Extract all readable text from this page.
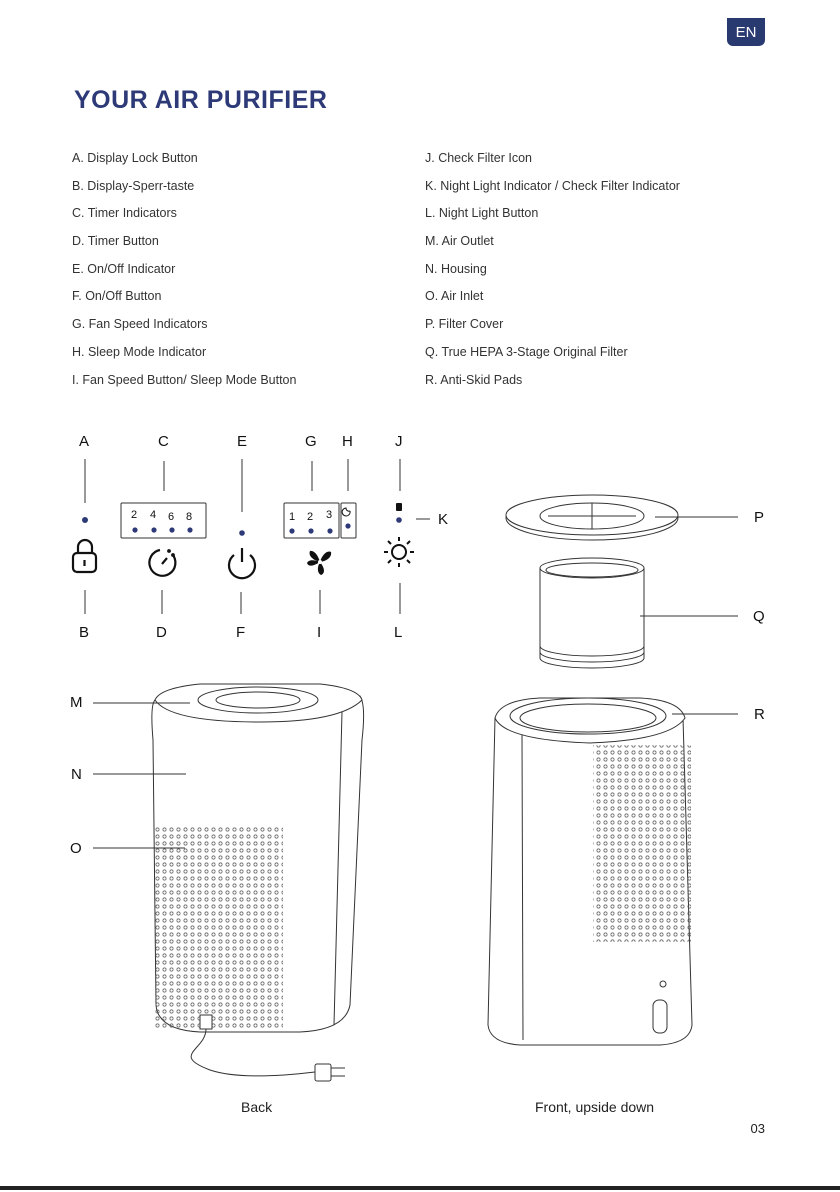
EN
YOUR AIR PURIFIER
A. Display Lock Button
B. Display-Sperr-taste
C. Timer Indicators
D. Timer Button
E. On/Off Indicator
F. On/Off Button
G. Fan Speed Indicators
H. Sleep Mode Indicator
I. Fan Speed Button/ Sleep Mode Button
J. Check Filter Icon
K. Night Light Indicator / Check Filter Indicator
L. Night Light Button
M. Air Outlet
N. Housing
O. Air Inlet
P. Filter Cover
Q. True HEPA 3-Stage Original Filter
R. Anti-Skid Pads
2 4 6 8	1 2 3
A	C	E	G H	J
B	D	F	I	L
K	P
Q
R
M
N
O
Back	Front, upside down
03
